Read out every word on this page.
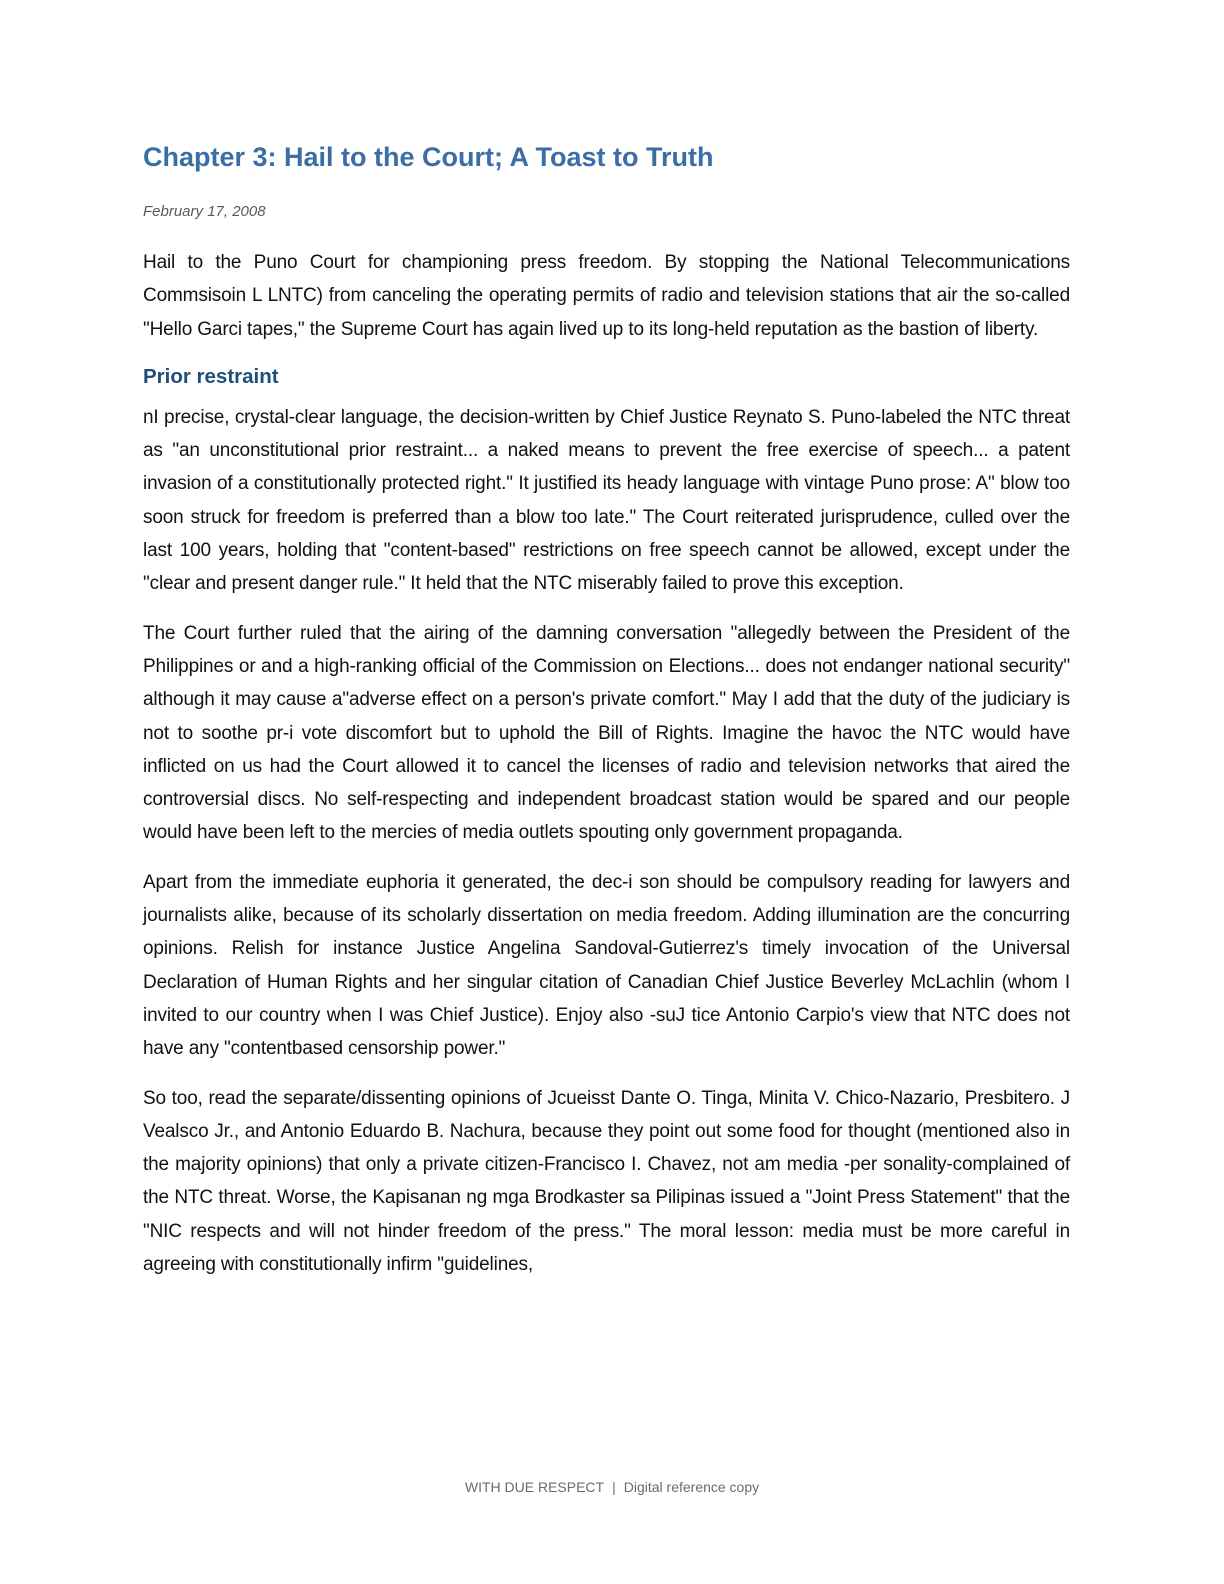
Chapter 3: Hail to the Court; A Toast to Truth
February 17, 2008

Hail to the Puno Court for championing press freedom. By stopping the National Telecommunications Commsisoin L LNTC) from canceling the operating permits of radio and television stations that air the so-called "Hello Garci tapes," the Supreme Court has again lived up to its long-held reputation as the bastion of liberty.

Prior restraint

nI precise, crystal-clear language, the decision-written by Chief Justice Reynato S. Puno-labeled the NTC threat as "an unconstitutional prior restraint... a naked means to prevent the free exercise of speech... a patent invasion of a constitutionally protected right." It justified its heady language with vintage Puno prose: A" blow too soon struck for freedom is preferred than a blow too late." The Court reiterated jurisprudence, culled over the last 100 years, holding that "content-based" restrictions on free speech cannot be allowed, except under the "clear and present danger rule." It held that the NTC miserably failed to prove this exception.

The Court further ruled that the airing of the damning conversation "allegedly between the President of the Philippines or and a high-ranking official of the Commission on Elections... does not endanger national security" although it may cause a"adverse effect on a person's private comfort." May I add that the duty of the judiciary is not to soothe pr-i vote discomfort but to uphold the Bill of Rights. Imagine the havoc the NTC would have inflicted on us had the Court allowed it to cancel the licenses of radio and television networks that aired the controversial discs. No self-respecting and independent broadcast station would be spared and our people would have been left to the mercies of media outlets spouting only government propaganda.

Apart from the immediate euphoria it generated, the dec-i son should be compulsory reading for lawyers and journalists alike, because of its scholarly dissertation on media freedom. Adding illumination are the concurring opinions. Relish for instance Justice Angelina Sandoval-Gutierrez's timely invocation of the Universal Declaration of Human Rights and her singular citation of Canadian Chief Justice Beverley McLachlin (whom I invited to our country when I was Chief Justice). Enjoy also -suJ tice Antonio Carpio's view that NTC does not have any "contentbased censorship power."

So too, read the separate/dissenting opinions of Jcueisst Dante O. Tinga, Minita V. Chico-Nazario, Presbitero. J Vealsco Jr., and Antonio Eduardo B. Nachura, because they point out some food for thought (mentioned also in the majority opinions) that only a private citizen-Francisco I. Chavez, not am media -per sonality-complained of the NTC threat. Worse, the Kapisanan ng mga Brodkaster sa Pilipinas issued a "Joint Press Statement" that the "NIC respects and will not hinder freedom of the press." The moral lesson: media must be more careful in agreeing with constitutionally infirm "guidelines,

WITH DUE RESPECT | Digital reference copy
